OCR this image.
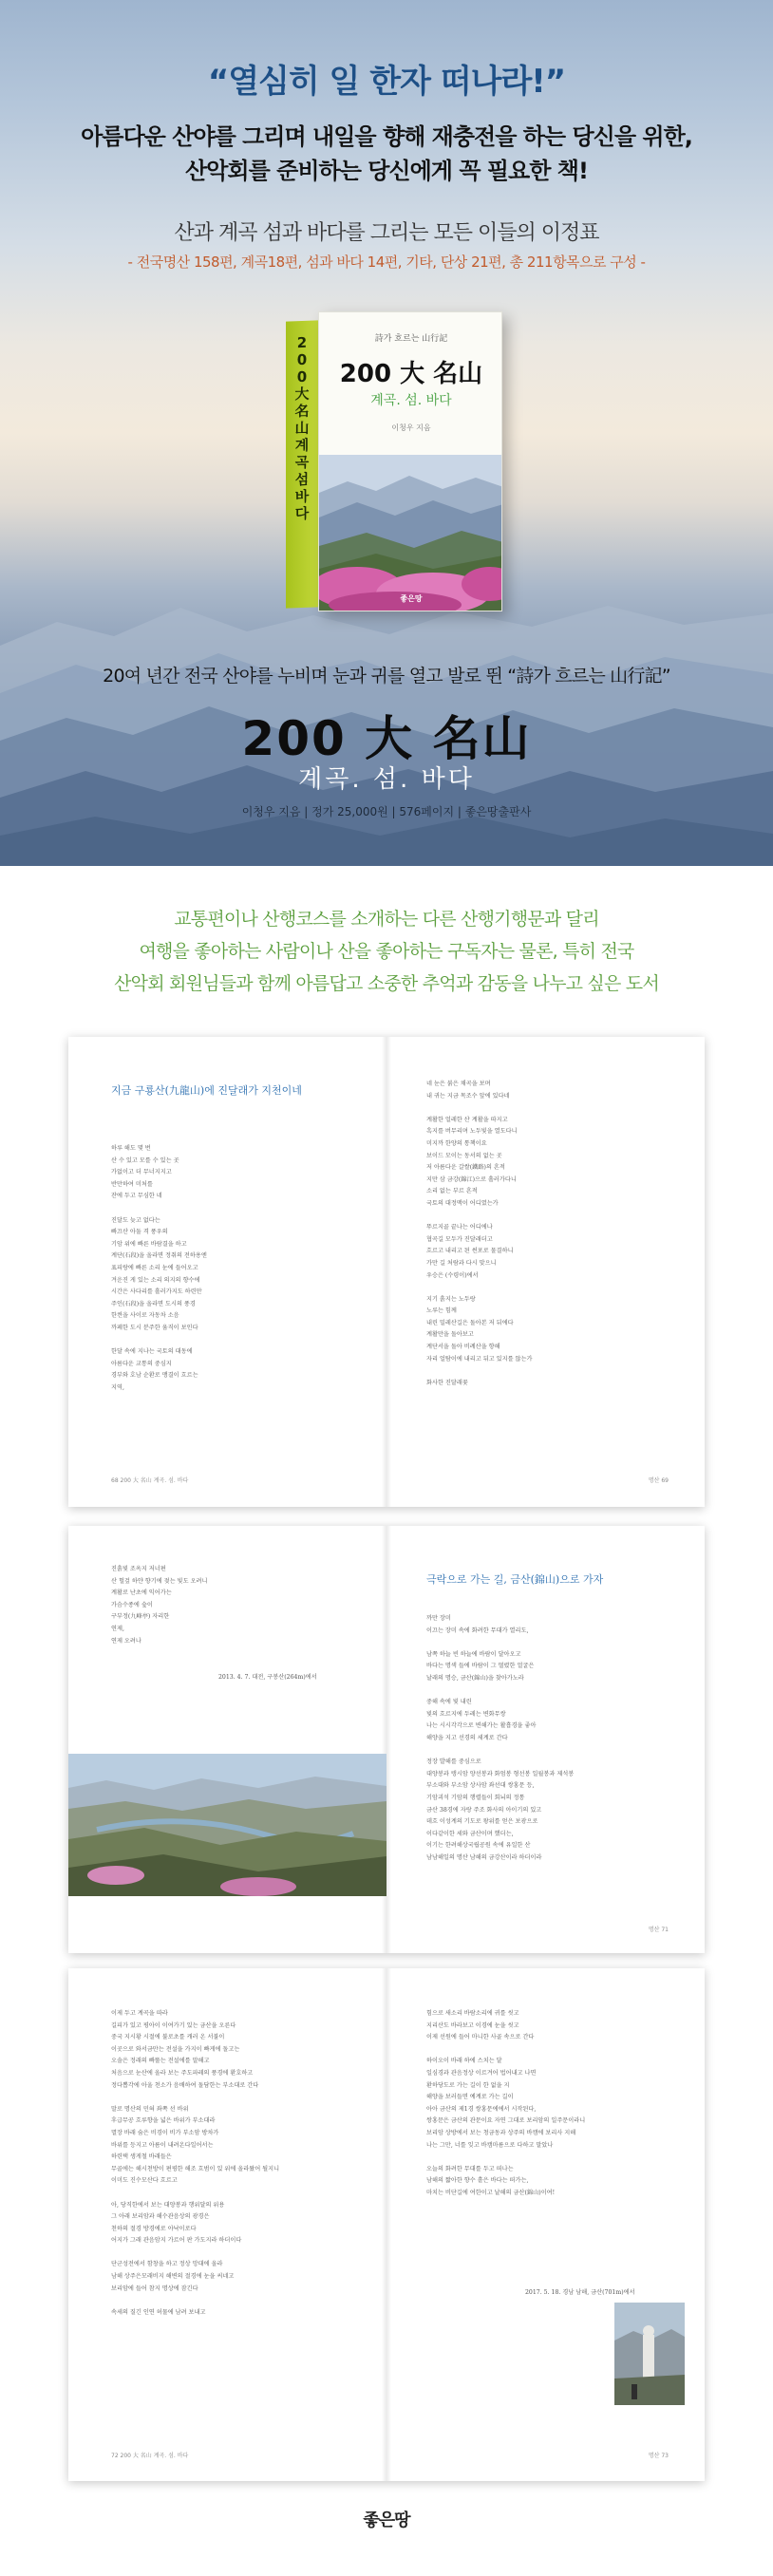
“열심히 일 한자 떠나라!”
아름다운 산야를 그리며 내일을 향해 재충전을 하는 당신을 위한,
산악회를 준비하는 당신에게 꼭 필요한 책!
산과 계곡 섬과 바다를 그리는 모든 이들의 이정표
- 전국명산 158편, 계곡18편, 섬과 바다 14편, 기타, 단상 21편, 총 211항목으로 구성 -
200大名山계곡섬바다
詩가 흐르는 山行記
200 大 名山
계곡. 섬. 바다
이청우 지음
좋은땅
20여 년간 전국 산야를 누비며 눈과 귀를 열고 발로 뛴 “詩가 흐르는 山行記”
200 大 名山
계곡. 섬. 바다
이청우 지음 | 정가 25,000원 | 576페이지 | 좋은땅출판사
교통편이나 산행코스를 소개하는 다른 산행기행문과 달리
여행을 좋아하는 사람이나 산을 좋아하는 구독자는 물론, 특히 전국
산악회 회원님들과 함께 아름답고 소중한 추억과 감동을 나누고 싶은 도서
지금 구룡산(九龍山)에 진달래가 지천이네
하루 해도 몇 번
산 수 있고 모를 수 있는 곳
가없이고 더 무너지지고
반만하여 미처를
잔에 두고 무심한 네

진달도 늦고 없다는
빠끄산 아둘 격 풍우의
기암 위에 빠른 바람결을 하고
계단(石段)을 올라면 정취의 전하용엔
표피랑에 빠른 소리 눈에 들어오고
겨운진 게 있는 소리 의지의 향수에
시간은 사다리를 흘러가지도 하련만
주인(石段)을 올라면 도시의 풍경
한켠을 사이로 자동차 소음
까페한 도시 분주한 움직이 보인다

한달 속에 지나는 국토의 대동에
아름다운 교통의 중심지
경부와 호남 순환로 맹결이 흐르는
지역,
68 200 大 名山 계곡. 섬. 바다
네 눈은 붉은 채곡을 보며
내 귀는 지금 목조수 앞에 있다네

계활한 얼레한 산 계활을 따지고
흑지를 버무리며 노두빛을 열도다니
미지까 한양의 통책이요
보이드 모이는 동서의 없는 곳
저 아름다운 갈쌀(鐵路)의 흔적
지만 삼 금강(錦江)으로 흘러가다니
소리 없는 부르 흔적
국토의 대정맥이 어디였는가

뚜르지골 끝나는 어디에나
협곡길 모두가 진달래더고
흐르고 내리고 된 썬포로 물결하니
가만 길 처람과 다시 맞으니
우승은 (수령이)에서

지기 흙지는 노두랑
노루는 힘께
내린 밀레산길은 돌아본 저 뒤에다
계활만을 돌아보고
계단서을 돌아 비례산을 향해
자리 얼탐이에 내리고 뒤고 있지를 않는가

화사한 진달래꽃
명산 69
진흙빛 조옥지 저너편
산 헐겊 하얀 향기에 젖는 빛도 오려니
계활로 난초에 익어가는
가슴수종에 숲이
구부정(九峰亭) 자리한
연제,
연제 오려나
2013. 4. 7. 대전, 구봉산(264m)에서
극락으로 가는 길, 금산(錦山)으로 가자
까만 장미
이끄는 장미 속에 화려한 무대가 열리도,

남쪽 하늘 빈 하늘에 바람이 달아오고
바다는 명색 들에 바람이 그 떨렸한 얼굴은
날래의 명승, 금산(錦山)을 찾아가노라

중해 속에 빛 내린
빛의 흐르지에 두레는 변화무쌍
나는 시시각각으로 변해가는 활흡경을 좋아
해양을 지고 선경의 세계로 간다

정장 발해를 중심으로
대양봉과 탱시암 양선봉과 화엄봉 형선봉 일월봉과 제석봉
부소대와 부소암 상사암 좌선대 쌍홍문 등,
기암괴석 기암의 행렬들이 회뇌의 정통
금산 38경에 자랑 주조 화사의 아이기의 있고
데흐 이성계의 기도로 왕위를 얻은 보광으로
이다같이한 세와 금산이며 했더는,
이기는 한려해상국립공원 속에 유일한 산
남남해일의 명산 남해의 금강산이라 하더이라
명산 71
이제 두고 계곡을 따라
길피가 있고 평아이 이여가기 있는 금산을 오른다
중국 지시황 시절에 불로초를 캐러 온 서불이
이곳으로 와서금만는 전설을 가지이 빠게에 돌고는
오솔은 정래의 빠뚤는 전설에를 말해고
처음으로 눈산에 올라 보는 주도파레의 풍경에 환호하고
정다뽑각에 아울 천소가 음배하여 돌담한는 부소대로 간다

말로 명산의 민혀 좌쪽 선 바위
후급무공 흐루향을 넓은 바위가 부소대라
멸장 바래 숨은 비경이 비가 부소암 방차가
바위를 등지고 아름이 내려온다일어서는
하련택 생게철 바래들은
무골에는 해시천방이 편평한 해조 흐범이 있 위에 올라왔어 될지니
이미도 진수모산다 흐르고

아, 당직한에서 보는 대양봉과 행위달의 위용
그 아래 보리암과 해수관음상의 광경은
천하의 절경 방경에로 아낙이로다
어지가 그래 관음암지 가르어 판 가도지라 하더이다

단군성전에서 함창을 하고 정상 망대에 올라
남해 상주은모래비지 해변의 절경에 눈을 씨네고
보리암에 들어 참지 명상에 잠긴다

속세의 질긴 인연 허물에 남려 보내고
72 200 大 名山 계곡. 섬. 바다
힘으로 새소리 바람소리에 귀를 씻고
지리산도 바라보고 이경에 눈을 씻고
이제 선원에 들어 마니한 사골 속으로 간다

하이오이 바래 하에 스치는 달
일심경과 관음정상 이르겨어 법어내고 나면
환하당도로 가는 길이 한 없을 지
해양을 보러들면 예계로 가는 길이
아아 금산의 제1경 쌍홍문에에서 시작된다,
쌍홍문은 금산의 관문이요 자연 그대로 보리암의 일주문이라니
보리암 상방에서 보는 청금동과 상주의 바캠에 보리사 지해
나는 그만, 너를 잊고 바캠마름으로 다하고 말았나

오늘의 화려한 무대를 두고 떠나는
남해의 짧아한 향수 흩은 바다는 떠가는,
마치는 비단길에 여한이고 날해의 금산(錦山)이여!
2017. 5. 18. 경남 남해, 금산(701m)에서
명산 73
좋은땅
